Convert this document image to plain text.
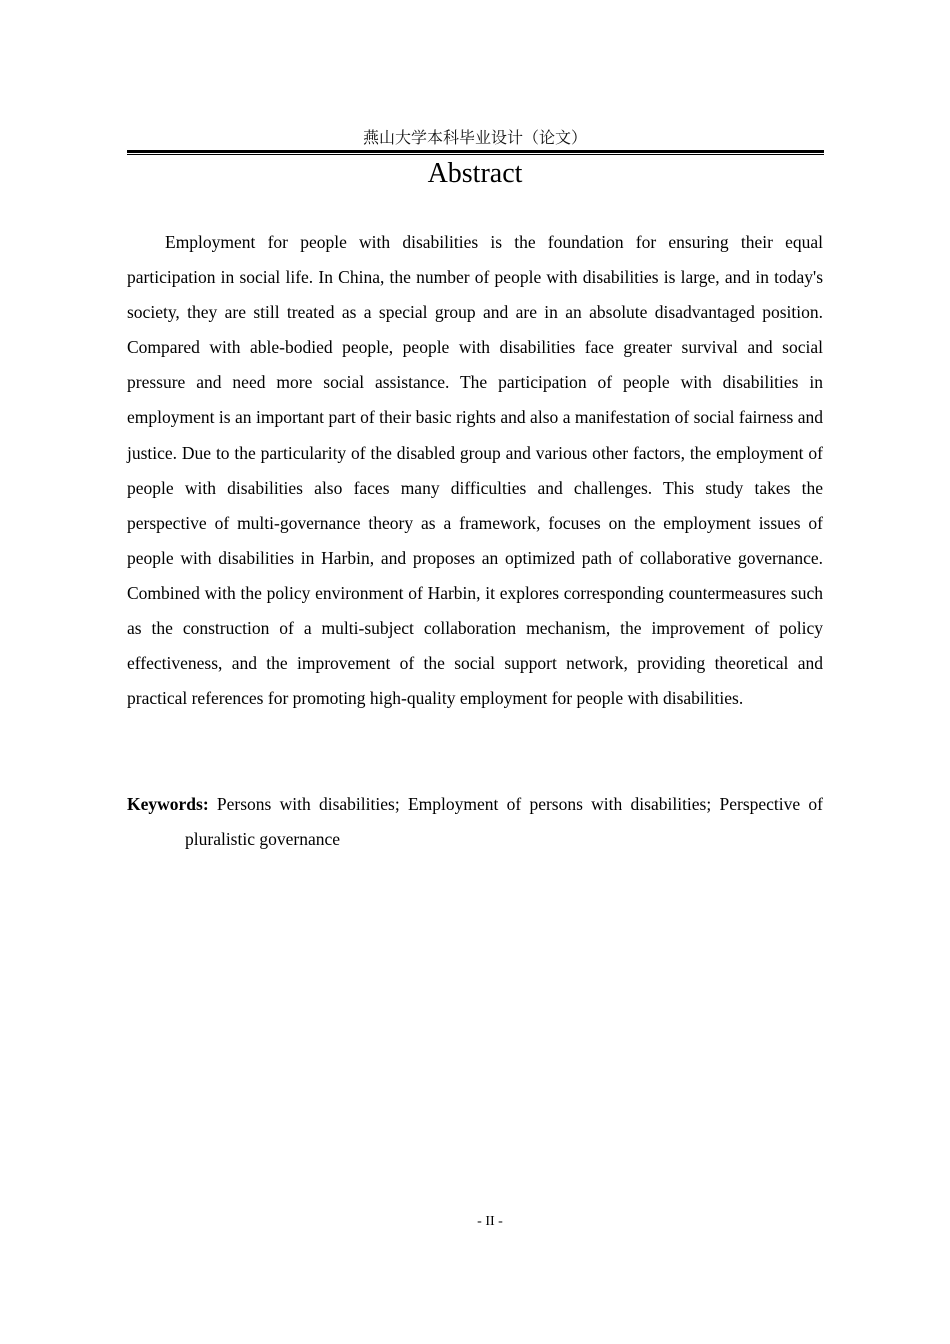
燕山大学本科毕业设计（论文）
Abstract

Employment for people with disabilities is the foundation for ensuring their equal participation in social life. In China, the number of people with disabilities is large, and in today's society, they are still treated as a special group and are in an absolute disadvantaged position. Compared with able-bodied people, people with disabilities face greater survival and social pressure and need more social assistance. The participation of people with disabilities in employment is an important part of their basic rights and also a manifestation of social fairness and justice. Due to the particularity of the disabled group and various other factors, the employment of people with disabilities also faces many difficulties and challenges. This study takes the perspective of multi-governance theory as a framework, focuses on the employment issues of people with disabilities in Harbin, and proposes an optimized path of collaborative governance. Combined with the policy environment of Harbin, it explores corresponding countermeasures such as the construction of a multi-subject collaboration mechanism, the improvement of policy effectiveness, and the improvement of the social support network, providing theoretical and practical references for promoting high-quality employment for people with disabilities.

Keywords: Persons with disabilities; Employment of persons with disabilities; Perspective of pluralistic governance

- II -
